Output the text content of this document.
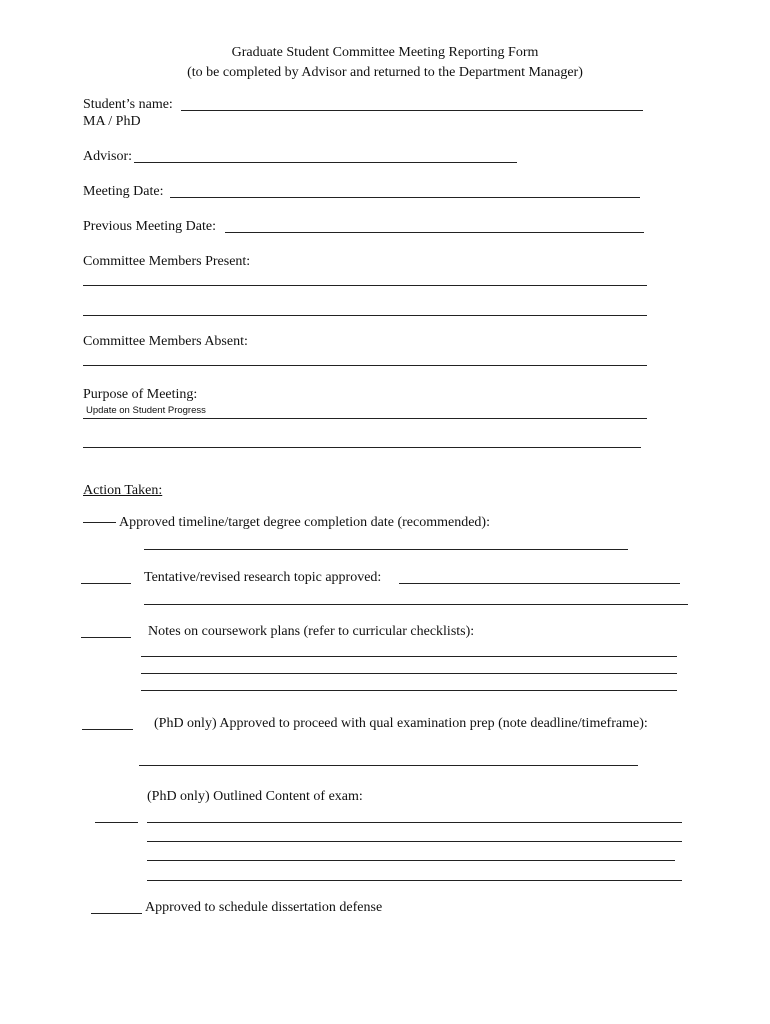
Graduate Student Committee Meeting Reporting Form
(to be completed by Advisor and returned to the Department Manager)
Student’s name:
MA / PhD
Advisor:
Meeting Date:
Previous Meeting Date:
Committee Members Present:
Committee Members Absent:
Purpose of Meeting:
Update on Student Progress
Action Taken:
Approved timeline/target degree completion date (recommended):
Tentative/revised research topic approved:
Notes on coursework plans (refer to curricular checklists):
(PhD only) Approved to proceed with qual examination prep (note deadline/timeframe):
(PhD only) Outlined Content of exam:
Approved to schedule dissertation defense
